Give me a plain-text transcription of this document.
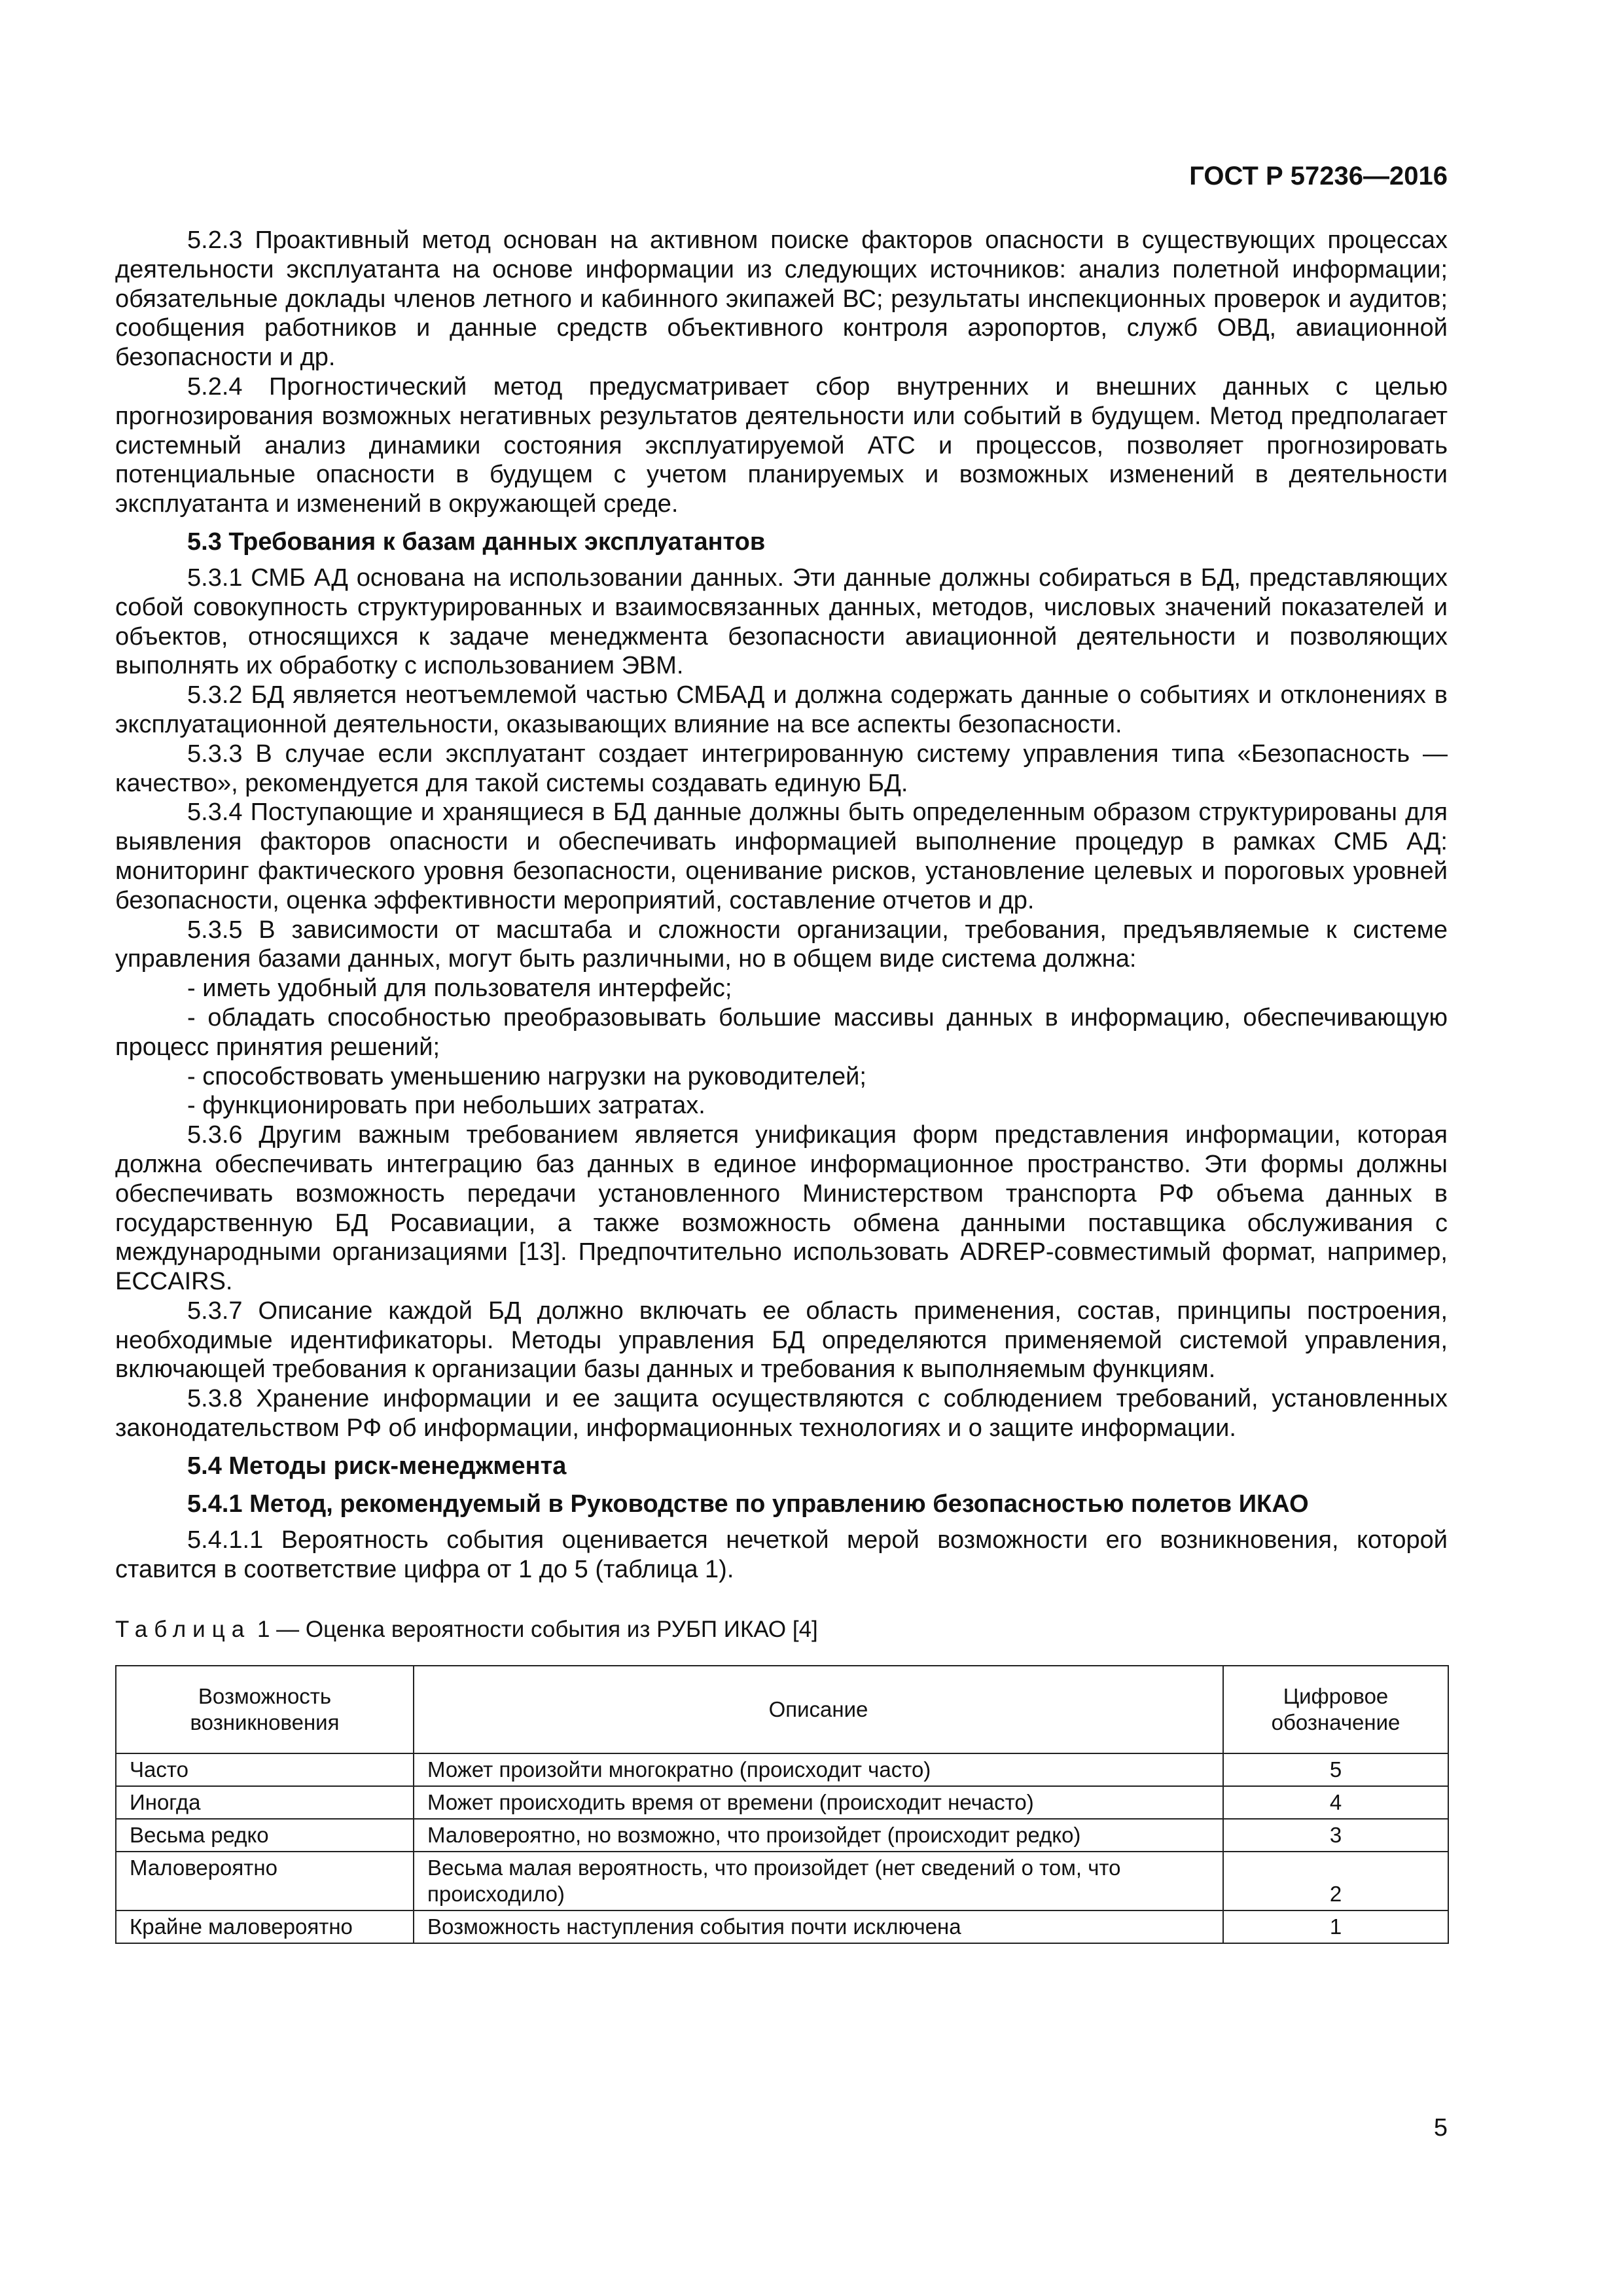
ГОСТ Р 57236—2016

5.2.3 Проактивный метод основан на активном поиске факторов опасности в существующих процессах деятельности эксплуатанта на основе информации из следующих источников: анализ полетной информации; обязательные доклады членов летного и кабинного экипажей ВС; результаты инспекционных проверок и аудитов; сообщения работников и данные средств объективного контроля аэропортов, служб ОВД, авиационной безопасности и др.

5.2.4 Прогностический метод предусматривает сбор внутренних и внешних данных с целью прогнозирования возможных негативных результатов деятельности или событий в будущем. Метод предполагает системный анализ динамики состояния эксплуатируемой АТС и процессов, позволяет прогнозировать потенциальные опасности в будущем с учетом планируемых и возможных изменений в деятельности эксплуатанта и изменений в окружающей среде.

5.3 Требования к базам данных эксплуатантов

5.3.1 СМБ АД основана на использовании данных. Эти данные должны собираться в БД, представляющих собой совокупность структурированных и взаимосвязанных данных, методов, числовых значений показателей и объектов, относящихся к задаче менеджмента безопасности авиационной деятельности и позволяющих выполнять их обработку с использованием ЭВМ.

5.3.2 БД является неотъемлемой частью СМБАД и должна содержать данные о событиях и отклонениях в эксплуатационной деятельности, оказывающих влияние на все аспекты безопасности.

5.3.3 В случае если эксплуатант создает интегрированную систему управления типа «Безопасность — качество», рекомендуется для такой системы создавать единую БД.

5.3.4 Поступающие и хранящиеся в БД данные должны быть определенным образом структурированы для выявления факторов опасности и обеспечивать информацией выполнение процедур в рамках СМБ АД: мониторинг фактического уровня безопасности, оценивание рисков, установление целевых и пороговых уровней безопасности, оценка эффективности мероприятий, составление отчетов и др.

5.3.5 В зависимости от масштаба и сложности организации, требования, предъявляемые к системе управления базами данных, могут быть различными, но в общем виде система должна:

- иметь удобный для пользователя интерфейс;

- обладать способностью преобразовывать большие массивы данных в информацию, обеспечивающую процесс принятия решений;

- способствовать уменьшению нагрузки на руководителей;

- функционировать при небольших затратах.

5.3.6 Другим важным требованием является унификация форм представления информации, которая должна обеспечивать интеграцию баз данных в единое информационное пространство. Эти формы должны обеспечивать возможность передачи установленного Министерством транспорта РФ объема данных в государственную БД Росавиации, а также возможность обмена данными поставщика обслуживания с международными организациями [13]. Предпочтительно использовать ADREP-совместимый формат, например, ECCAIRS.

5.3.7 Описание каждой БД должно включать ее область применения, состав, принципы построения, необходимые идентификаторы. Методы управления БД определяются применяемой системой управления, включающей требования к организации базы данных и требования к выполняемым функциям.

5.3.8 Хранение информации и ее защита осуществляются с соблюдением требований, установленных законодательством РФ об информации, информационных технологиях и о защите информации.

5.4 Методы риск-менеджмента
5.4.1 Метод, рекомендуемый в Руководстве по управлению безопасностью полетов ИКАО

5.4.1.1 Вероятность события оценивается нечеткой мерой возможности его возникновения, которой ставится в соответствие цифра от 1 до 5 (таблица 1).

Таблица 1 — Оценка вероятности события из РУБП ИКАО [4]
Возможность возникновения	Описание	Цифровое обозначение
Часто	Может произойти многократно (происходит часто)	5
Иногда	Может происходить время от времени (происходит нечасто)	4
Весьма редко	Маловероятно, но возможно, что произойдет (происходит редко)	3
Маловероятно	Весьма малая вероятность, что произойдет (нет сведений о том, что происходило)	2
Крайне маловероятно	Возможность наступления события почти исключена	1
5
